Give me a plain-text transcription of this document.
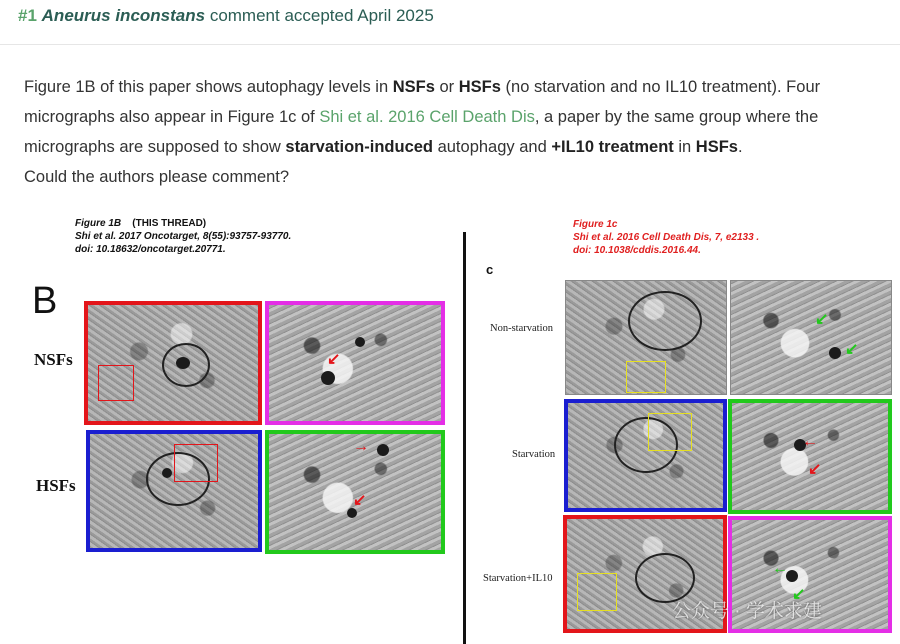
#1 Aneurus inconstans comment accepted April 2025
Figure 1B of this paper shows autophagy levels in NSFs or HSFs (no starvation and no IL10 treatment). Four micrographs also appear in Figure 1c of Shi et al. 2016 Cell Death Dis, a paper by the same group where the micrographs are supposed to show starvation-induced autophagy and +IL10 treatment in HSFs.
Could the authors please comment?
Figure 1B (THIS THREAD)
Shi et al. 2017 Oncotarget, 8(55):93757-93770.
doi: 10.18632/oncotarget.20771.
Figure 1c
Shi et al. 2016 Cell Death Dis, 7, e2133 .
doi: 10.1038/cddis.2016.44.
B
NSFs
HSFs
↙
→
↙
c
Non-starvation
Starvation
Starvation+IL10
↙
↙
←
↙
←
↙
公众号 · 学术求建
